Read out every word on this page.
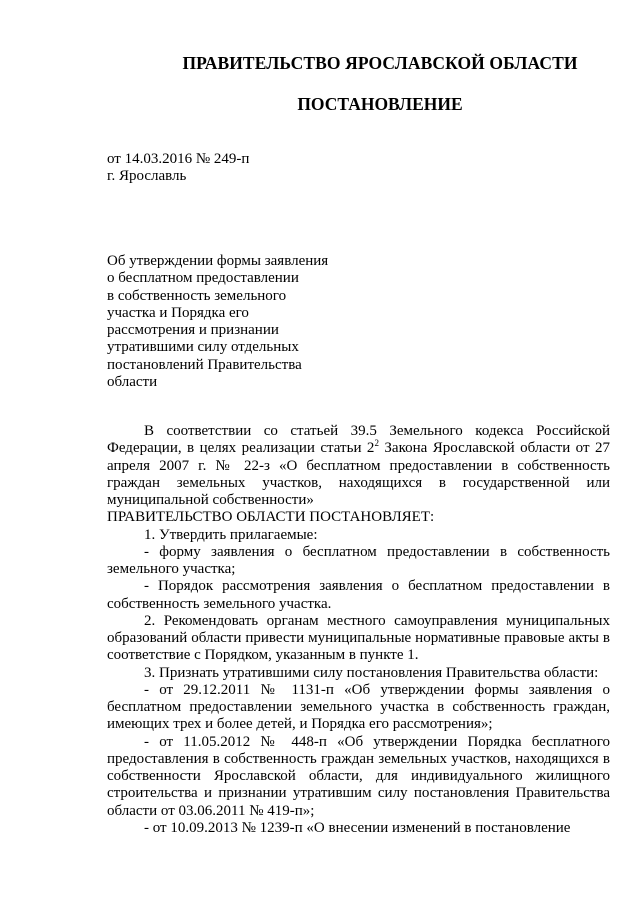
ПРАВИТЕЛЬСТВО ЯРОСЛАВСКОЙ ОБЛАСТИ
ПОСТАНОВЛЕНИЕ
от 14.03.2016 № 249-п
г. Ярославль
Об утверждении формы заявления
о бесплатном предоставлении
в собственность земельного
участка и Порядка его
рассмотрения и признании
утратившими силу отдельных
постановлений Правительства
области

В соответствии со статьей 39.5 Земельного кодекса Российской Федерации, в целях реализации статьи $2^2$ Закона Ярославской области от 27 апреля 2007 г. № 22-з «О бесплатном предоставлении в собственность граждан земельных участков, находящихся в государственной или муниципальной собственности»

ПРАВИТЕЛЬСТВО ОБЛАСТИ ПОСТАНОВЛЯЕТ:

1. Утвердить прилагаемые:

- форму заявления о бесплатном предоставлении в собственность земельного участка;

- Порядок рассмотрения заявления о бесплатном предоставлении в собственность земельного участка.

2. Рекомендовать органам местного самоуправления муниципальных образований области привести муниципальные нормативные правовые акты в соответствие с Порядком, указанным в пункте 1.

3. Признать утратившими силу постановления Правительства области:

- от 29.12.2011 № 1131-п «Об утверждении формы заявления о бесплатном предоставлении земельного участка в собственность граждан, имеющих трех и более детей, и Порядка его рассмотрения»;

- от 11.05.2012 № 448-п «Об утверждении Порядка бесплатного предоставления в собственность граждан земельных участков, находящихся в собственности Ярославской области, для индивидуального жилищного строительства и признании утратившим силу постановления Правительства области от 03.06.2011 № 419-п»;

- от 10.09.2013 № 1239-п «О внесении изменений в постановление
